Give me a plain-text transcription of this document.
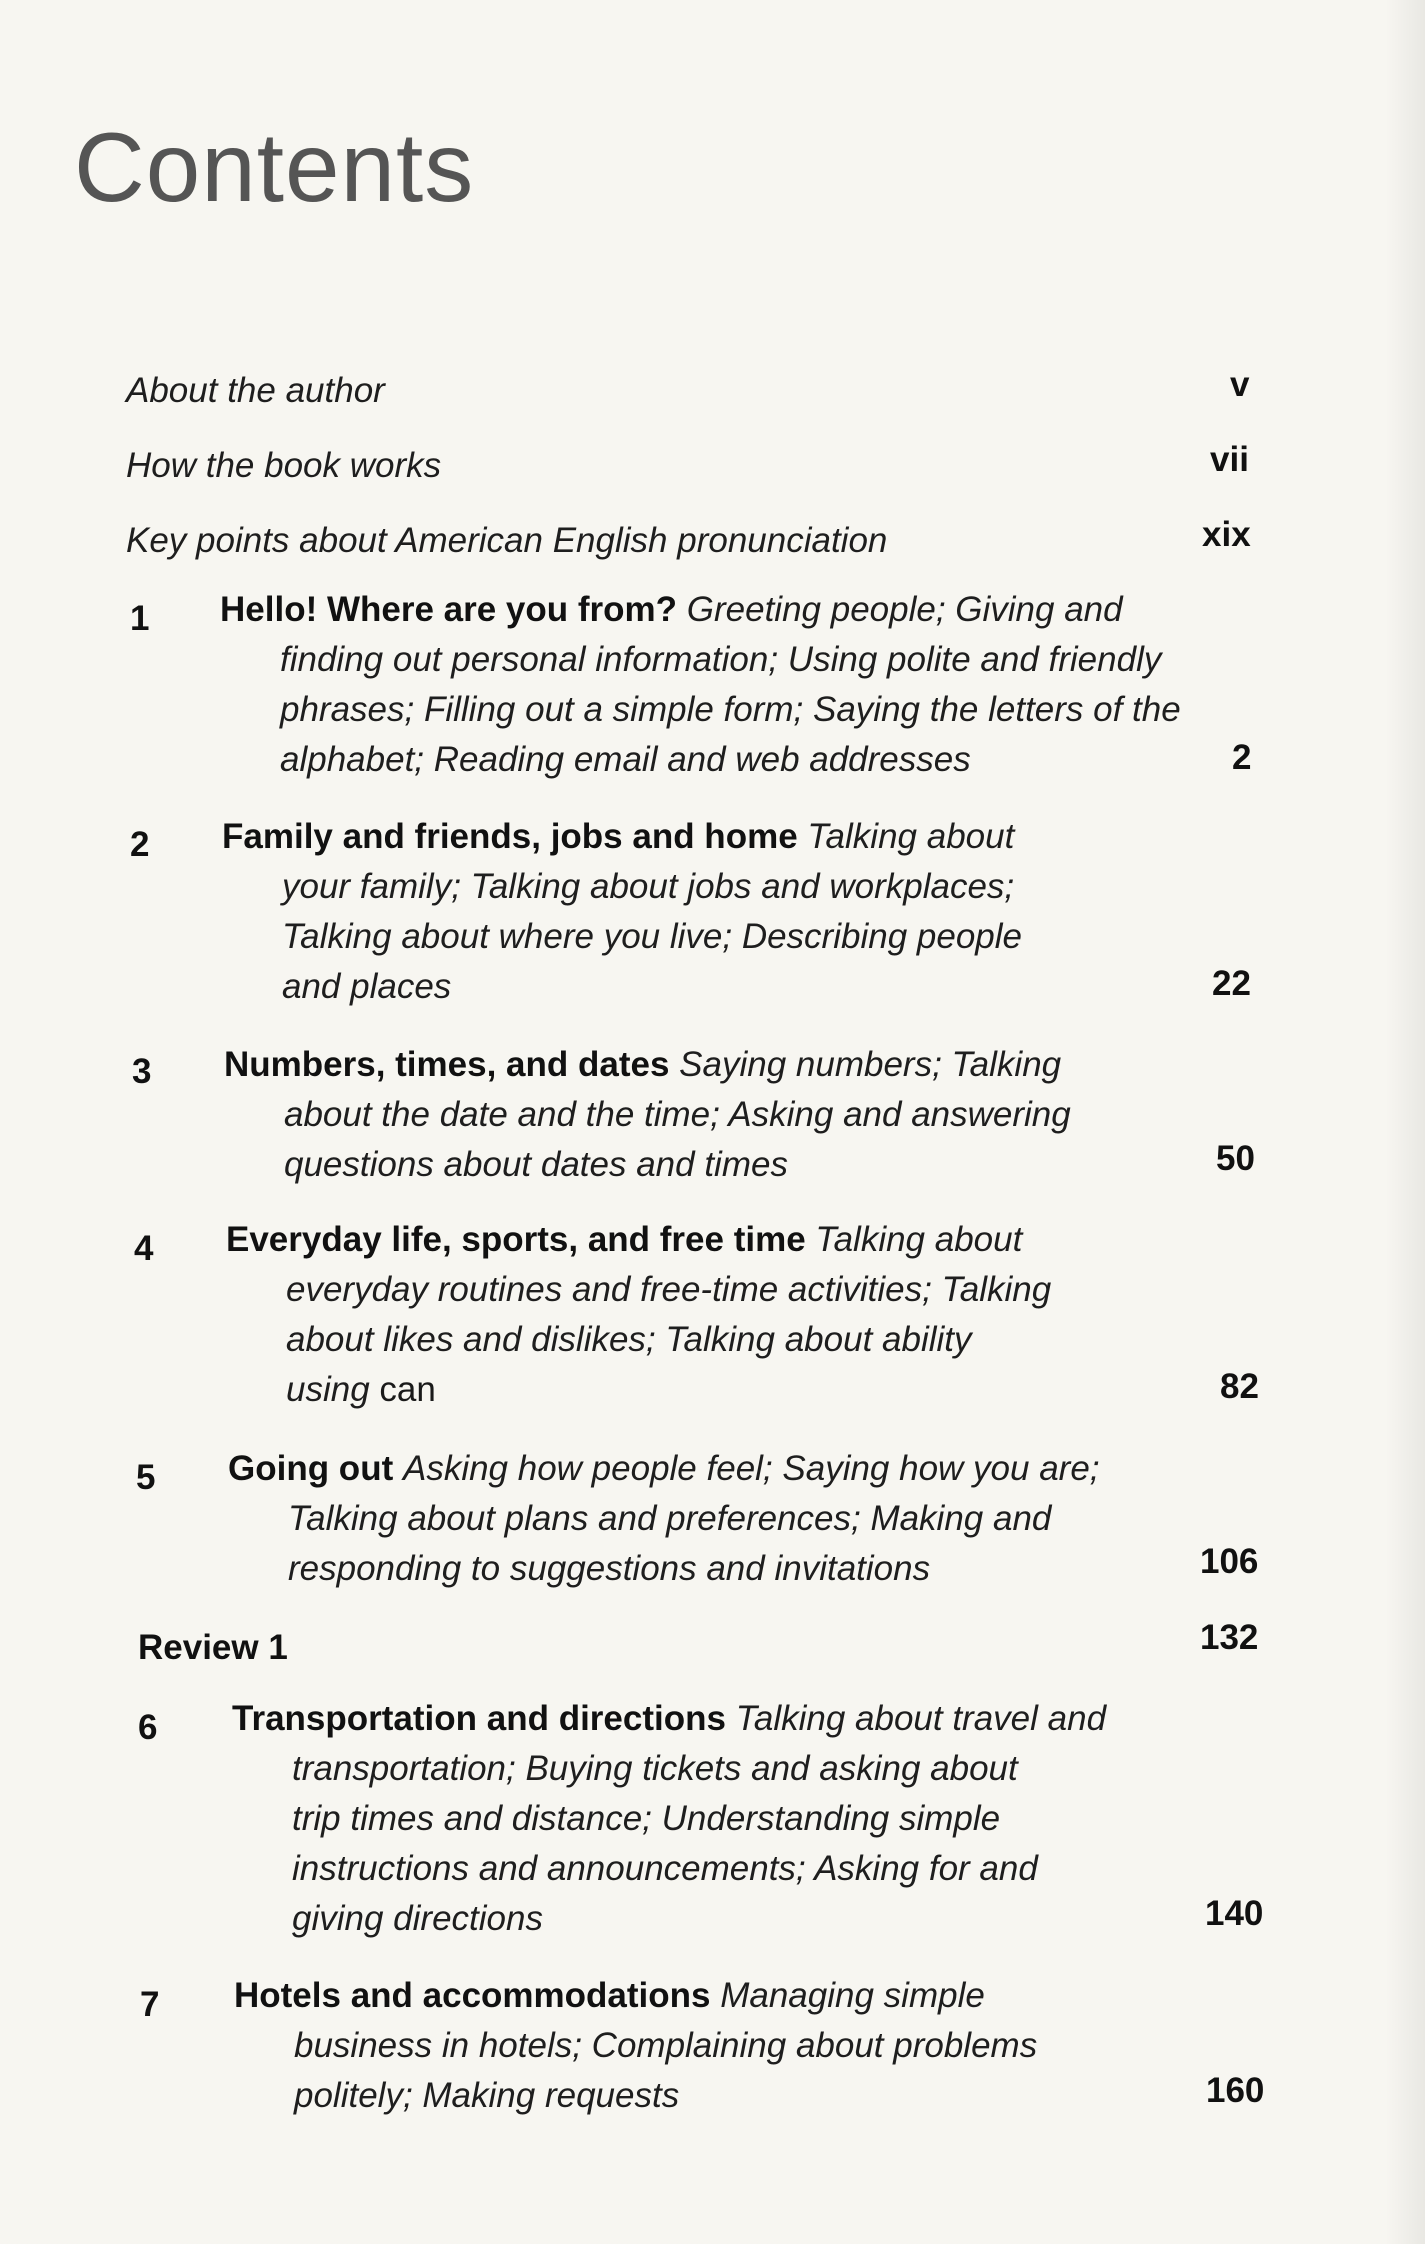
Contents
About the author	v
How the book works	vii
Key points about American English pronunciation	xix
1 Hello! Where are you from? Greeting people; Giving and
finding out personal information; Using polite and friendly
phrases; Filling out a simple form; Saying the letters of the
alphabet; Reading email and web addresses	2
2 Family and friends, jobs and home Talking about
your family; Talking about jobs and workplaces;
Talking about where you live; Describing people
and places	22
3 Numbers, times, and dates Saying numbers; Talking
about the date and the time; Asking and answering
questions about dates and times	50
4 Everyday life, sports, and free time Talking about
everyday routines and free-time activities; Talking
about likes and dislikes; Talking about ability
using can	82
5 Going out Asking how people feel; Saying how you are;
Talking about plans and preferences; Making and
responding to suggestions and invitations	106
Review 1	132
6 Transportation and directions Talking about travel and
transportation; Buying tickets and asking about
trip times and distance; Understanding simple
instructions and announcements; Asking for and
giving directions	140
7 Hotels and accommodations Managing simple
business in hotels; Complaining about problems
politely; Making requests	160
